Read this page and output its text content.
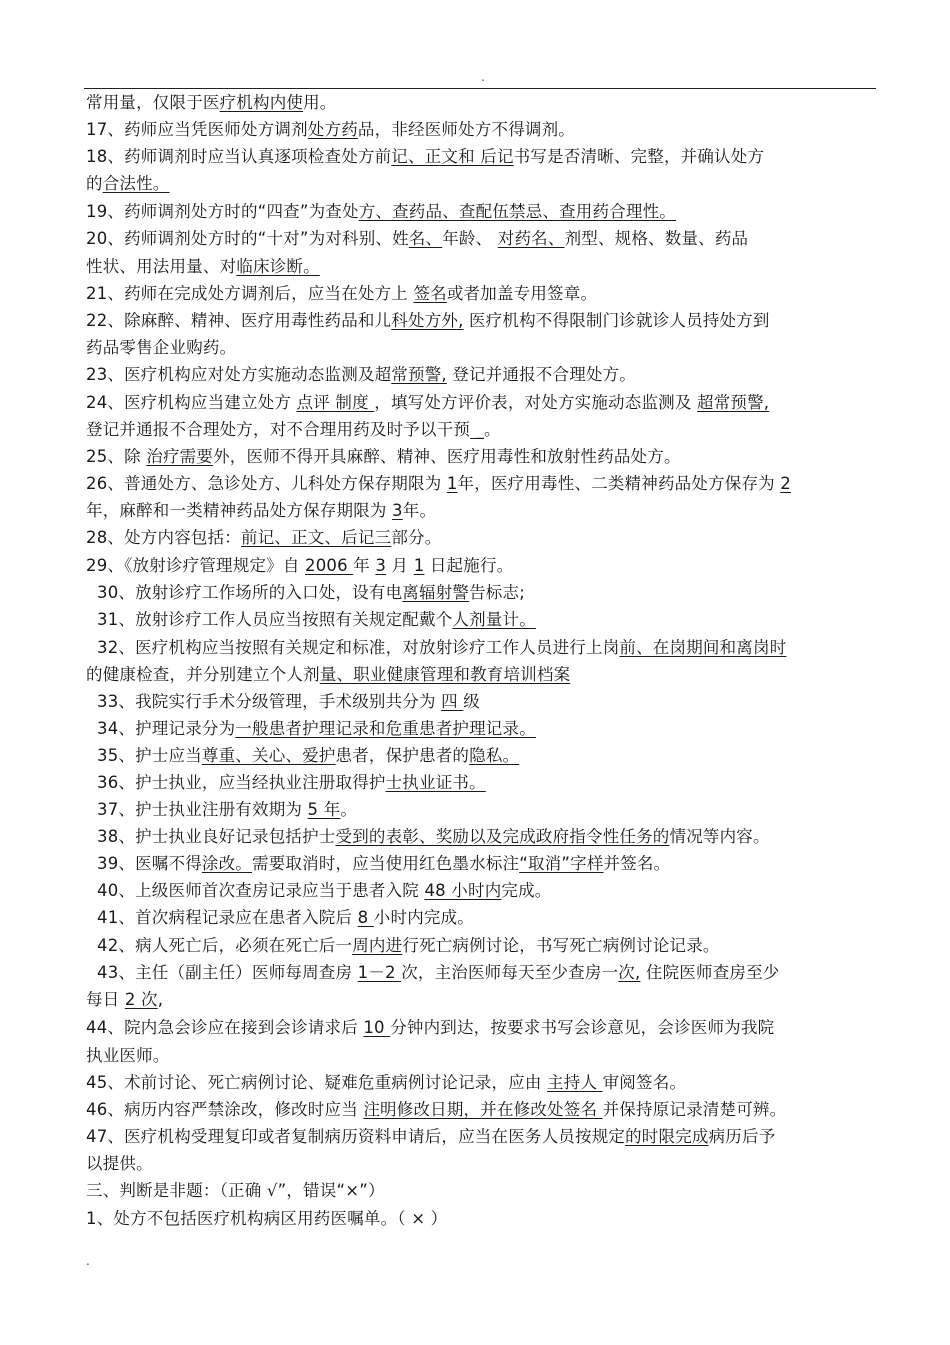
.
常用量，仅限于医疗机构内使用。
17、药师应当凭医师处方调剂处方药品，非经医师处方不得调剂。
18、药师调剂时应当认真逐项检查处方前记、正文和 后记书写是否清晰、完整，并确认处方
的合法性。
19、药师调剂处方时的“四查”为查处方、查药品、查配伍禁忌、查用药合理性。
20、药师调剂处方时的“十对”为对科别、姓名、年龄、 对药名、剂型、规格、数量、药品
性状、用法用量、对临床诊断。
21、药师在完成处方调剂后，应当在处方上 签名或者加盖专用签章。
22、除麻醉、精神、医疗用毒性药品和儿科处方外, 医疗机构不得限制门诊就诊人员持处方到
药品零售企业购药。
23、医疗机构应对处方实施动态监测及超常预警, 登记并通报不合理处方。
24、医疗机构应当建立处方 点评 制度 ，填写处方评价表，对处方实施动态监测及 超常预警,
登记并通报不合理处方，对不合理用药及时予以干预 _。
25、除 治疗需要外，医师不得开具麻醉、精神、医疗用毒性和放射性药品处方。
26、普通处方、急诊处方、儿科处方保存期限为 1年，医疗用毒性、二类精神药品处方保存为 2
年，麻醉和一类精神药品处方保存期限为 3年。
28、处方内容包括：前记、正文、后记三部分。
29、《放射诊疗管理规定》自 2006 年 3 月 1 日起施行。
30、放射诊疗工作场所的入口处，设有电离辐射警告标志;
31、放射诊疗工作人员应当按照有关规定配戴个人剂量计。
32、医疗机构应当按照有关规定和标准，对放射诊疗工作人员进行上岗前、在岗期间和离岗时
的健康检查，并分别建立个人剂量、职业健康管理和教育培训档案
33、我院实行手术分级管理，手术级别共分为 四 级
34、护理记录分为一般患者护理记录和危重患者护理记录。
35、护士应当尊重、关心、爱护患者，保护患者的隐私。
36、护士执业，应当经执业注册取得护士执业证书。
37、护士执业注册有效期为 5 年。
38、护士执业良好记录包括护士受到的表彰、奖励以及完成政府指令性任务的情况等内容。
39、医嘱不得涂改。需要取消时，应当使用红色墨水标注“取消”字样并签名。
40、上级医师首次查房记录应当于患者入院 48 小时内完成。
41、首次病程记录应在患者入院后 8 小时内完成。
42、病人死亡后，必须在死亡后一周内进行死亡病例讨论，书写死亡病例讨论记录。
43、主任（副主任）医师每周查房 1－2 次，主治医师每天至少查房一次, 住院医师查房至少
每日 2 次,
44、院内急会诊应在接到会诊请求后 10 分钟内到达，按要求书写会诊意见，会诊医师为我院
执业医师。
45、术前讨论、死亡病例讨论、疑难危重病例讨论记录，应由 主持人 审阅签名。
46、病历内容严禁涂改，修改时应当 注明修改日期，并在修改处签名 并保持原记录清楚可辨。
47、医疗机构受理复印或者复制病历资料申请后，应当在医务人员按规定的时限完成病历后予
以提供。
三、判断是非题：（正确 √”，错误“×”）
1、处方不包括医疗机构病区用药医嘱单。（ × ）
.
